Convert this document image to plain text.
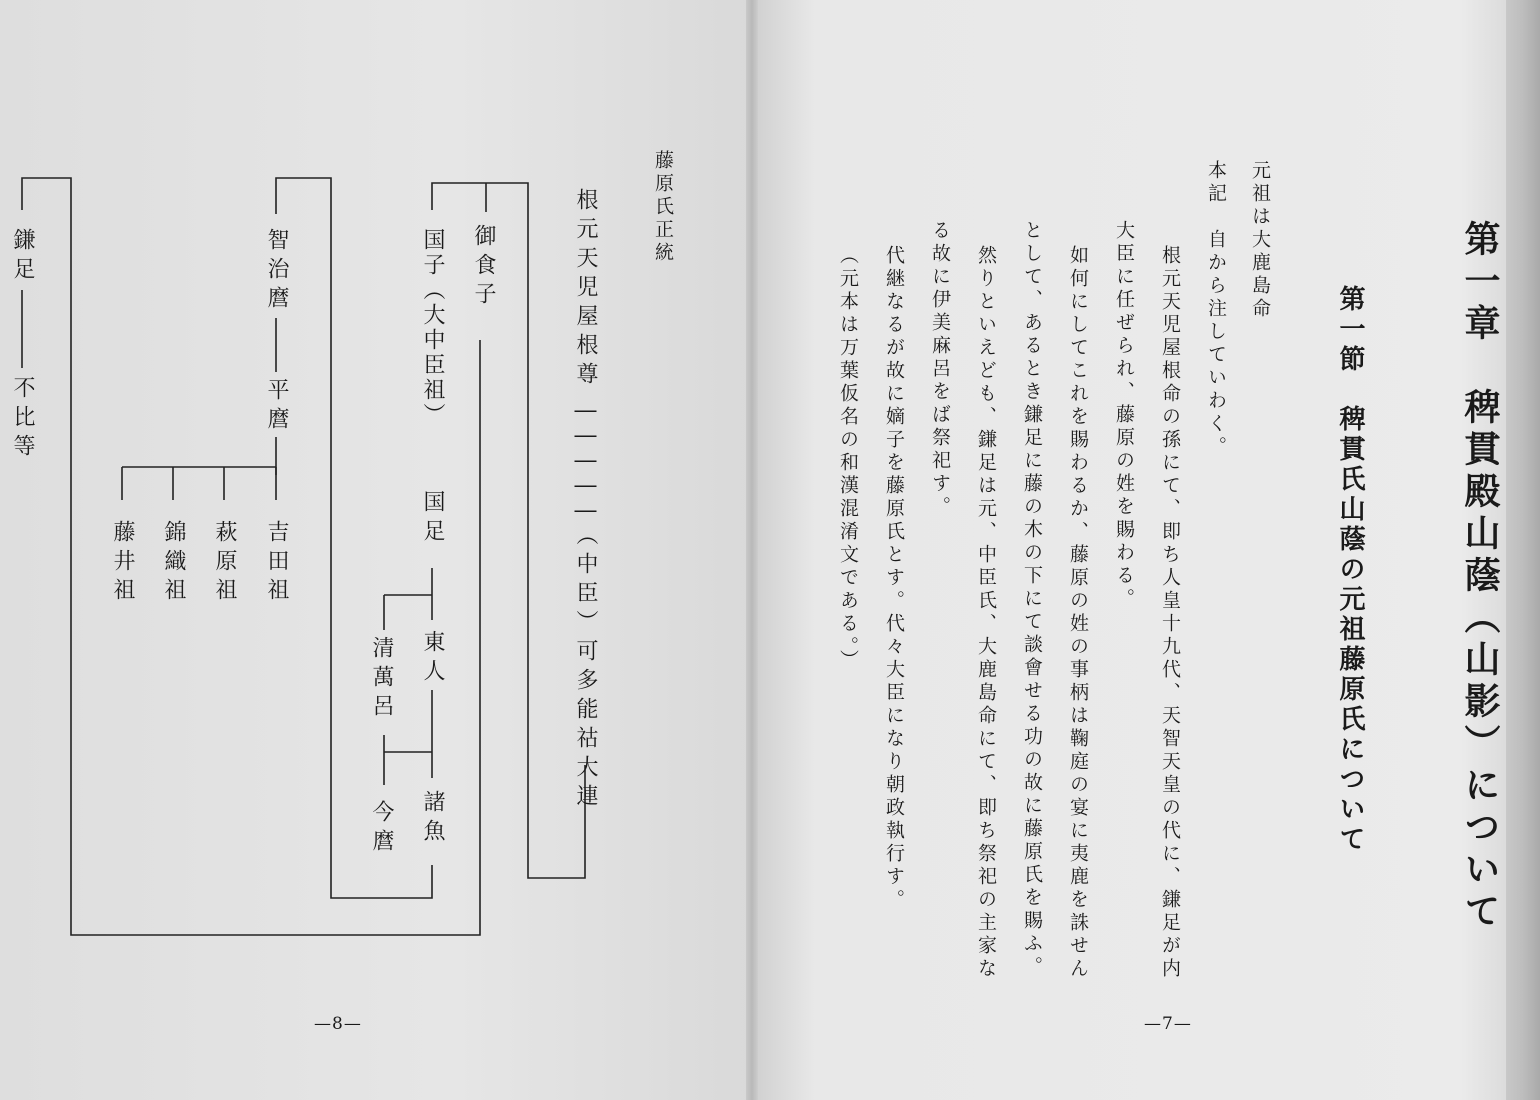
藤原氏正統
根元天児屋根尊
―――――（中臣）可多能祜大連
御食子
国子（大中臣祖）
国足
東人
清萬呂
諸魚
今麿
智治麿
平麿
吉田祖
萩原祖
錦織祖
藤井祖
鎌足
不比等
—8—
第一章　稗貫殿山蔭（山影）について
第一節　稗貫氏山蔭の元祖藤原氏について
元祖は大鹿島命
本記　自から注していわく。
根元天児屋根命の孫にて、即ち人皇十九代、天智天皇の代に、鎌足が内
大臣に任ぜられ、藤原の姓を賜わる。
如何にしてこれを賜わるか、藤原の姓の事柄は鞠庭の宴に夷鹿を誅せん
として、あるとき鎌足に藤の木の下にて談會せる功の故に藤原氏を賜ふ。
然りといえども、鎌足は元、中臣氏、大鹿島命にて、即ち祭祀の主家な
る故に伊美麻呂をば祭祀す。
代継なるが故に嫡子を藤原氏とす。代々大臣になり朝政執行す。
（元本は万葉仮名の和漢混淆文である。）
—7—
